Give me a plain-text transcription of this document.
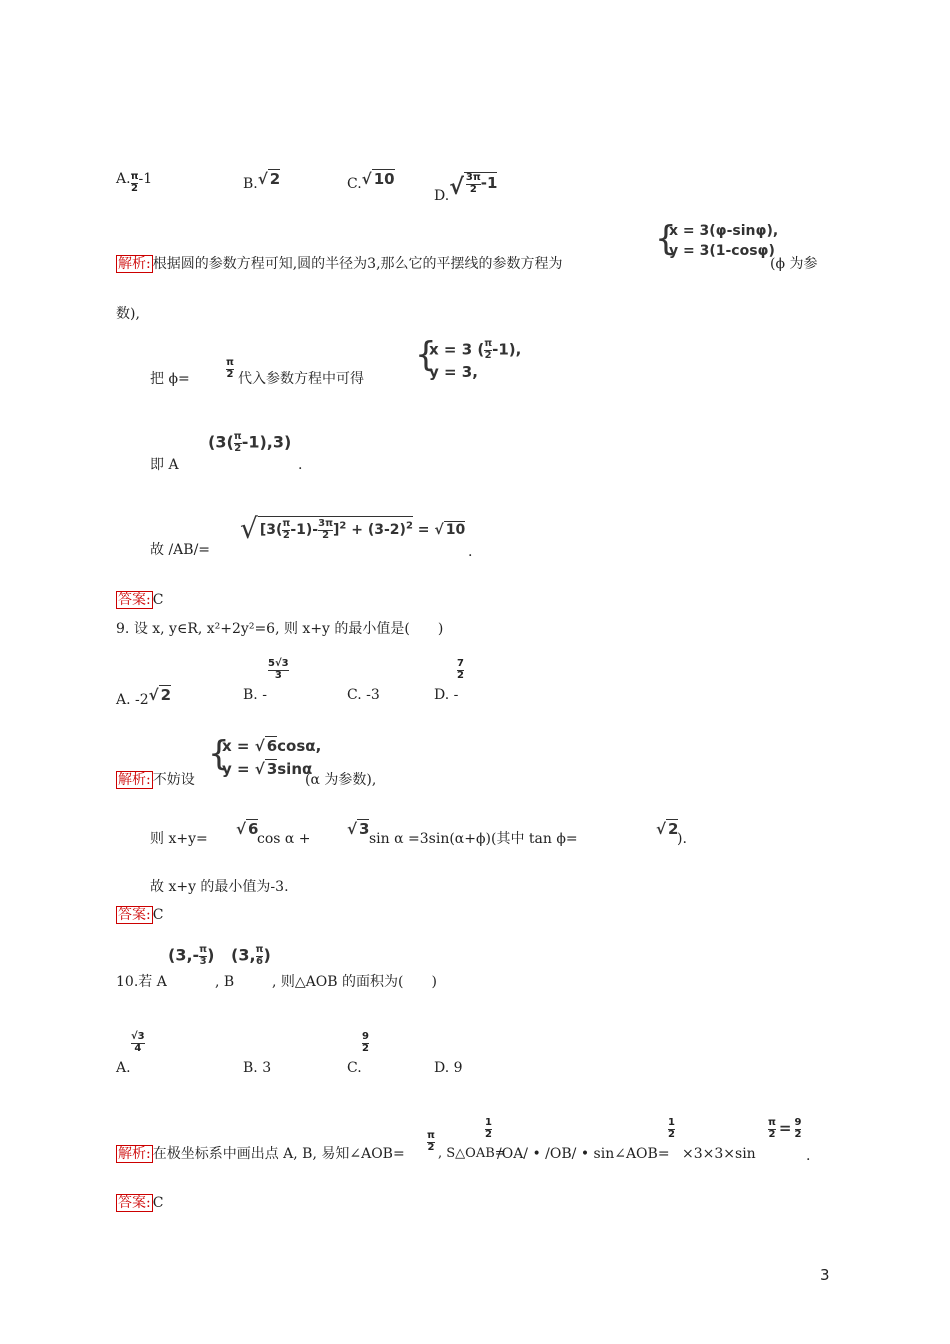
A. $\frac{\pi}{2} -1$	B.√ 2	C.√ 10
$D.√ \frac{3\pi}{2} -1$
{
x = 3(φ-sinφ),
y = 3(1-cosφ)
解析: 根据圆的参数方程可知,圆的半径为3,那么它的平摆线的参数方程为	(ϕ 为参
数),
把 ϕ=	$\frac{\pi}{2}$ 代入参数方程中可得
{
x = 3 ( $\frac{\pi}{2} -1$),
y = 3,
即 A
$(3( \frac{\pi}{2} -1),3)$
.
故 /AB/=
√ $[3( \frac{\pi}{2} -1)- \frac{3\pi}{2} ]^2 + (3-2)^2$ = √ 10
.
答案: C
9. 设 x, y∈R, x²+2y²=6, 则 x+y 的最小值是(　　)
A. -2√ 2	B. -
$\frac{5√3}{3}$
C. -3	D. -
$\frac{7}{2}$
{
x = √ 6cosα,
y = √ 3sinα
解析: 不妨设	(α 为参数),
则 x+y=
√ 6
cos α +
√ 3
sin α =3sin(α+ϕ)(其中 tan ϕ=
√ 2
).
故 x+y 的最小值为-3.
答案: C
10.若 A
($3,- \frac{\pi}{3}$ )
, B
(3, $\frac{\pi}{6}$ )
, 则△AOB 的面积为(　　)
A.
$\frac{√3}{4}$
B. 3	C.
$\frac{9}{2}$
D. 9
解析: 在极坐标系中画出点 A, B, 易知∠AOB=
$\frac{\pi}{2}$
, S△OAB=
$\frac{1}{2}$
/OA/ • /OB/ • sin∠AOB=
$\frac{1}{2}$
×3×3×sin
$\frac{\pi}{2} = \frac{9}{2}$
.
答案: C
3
